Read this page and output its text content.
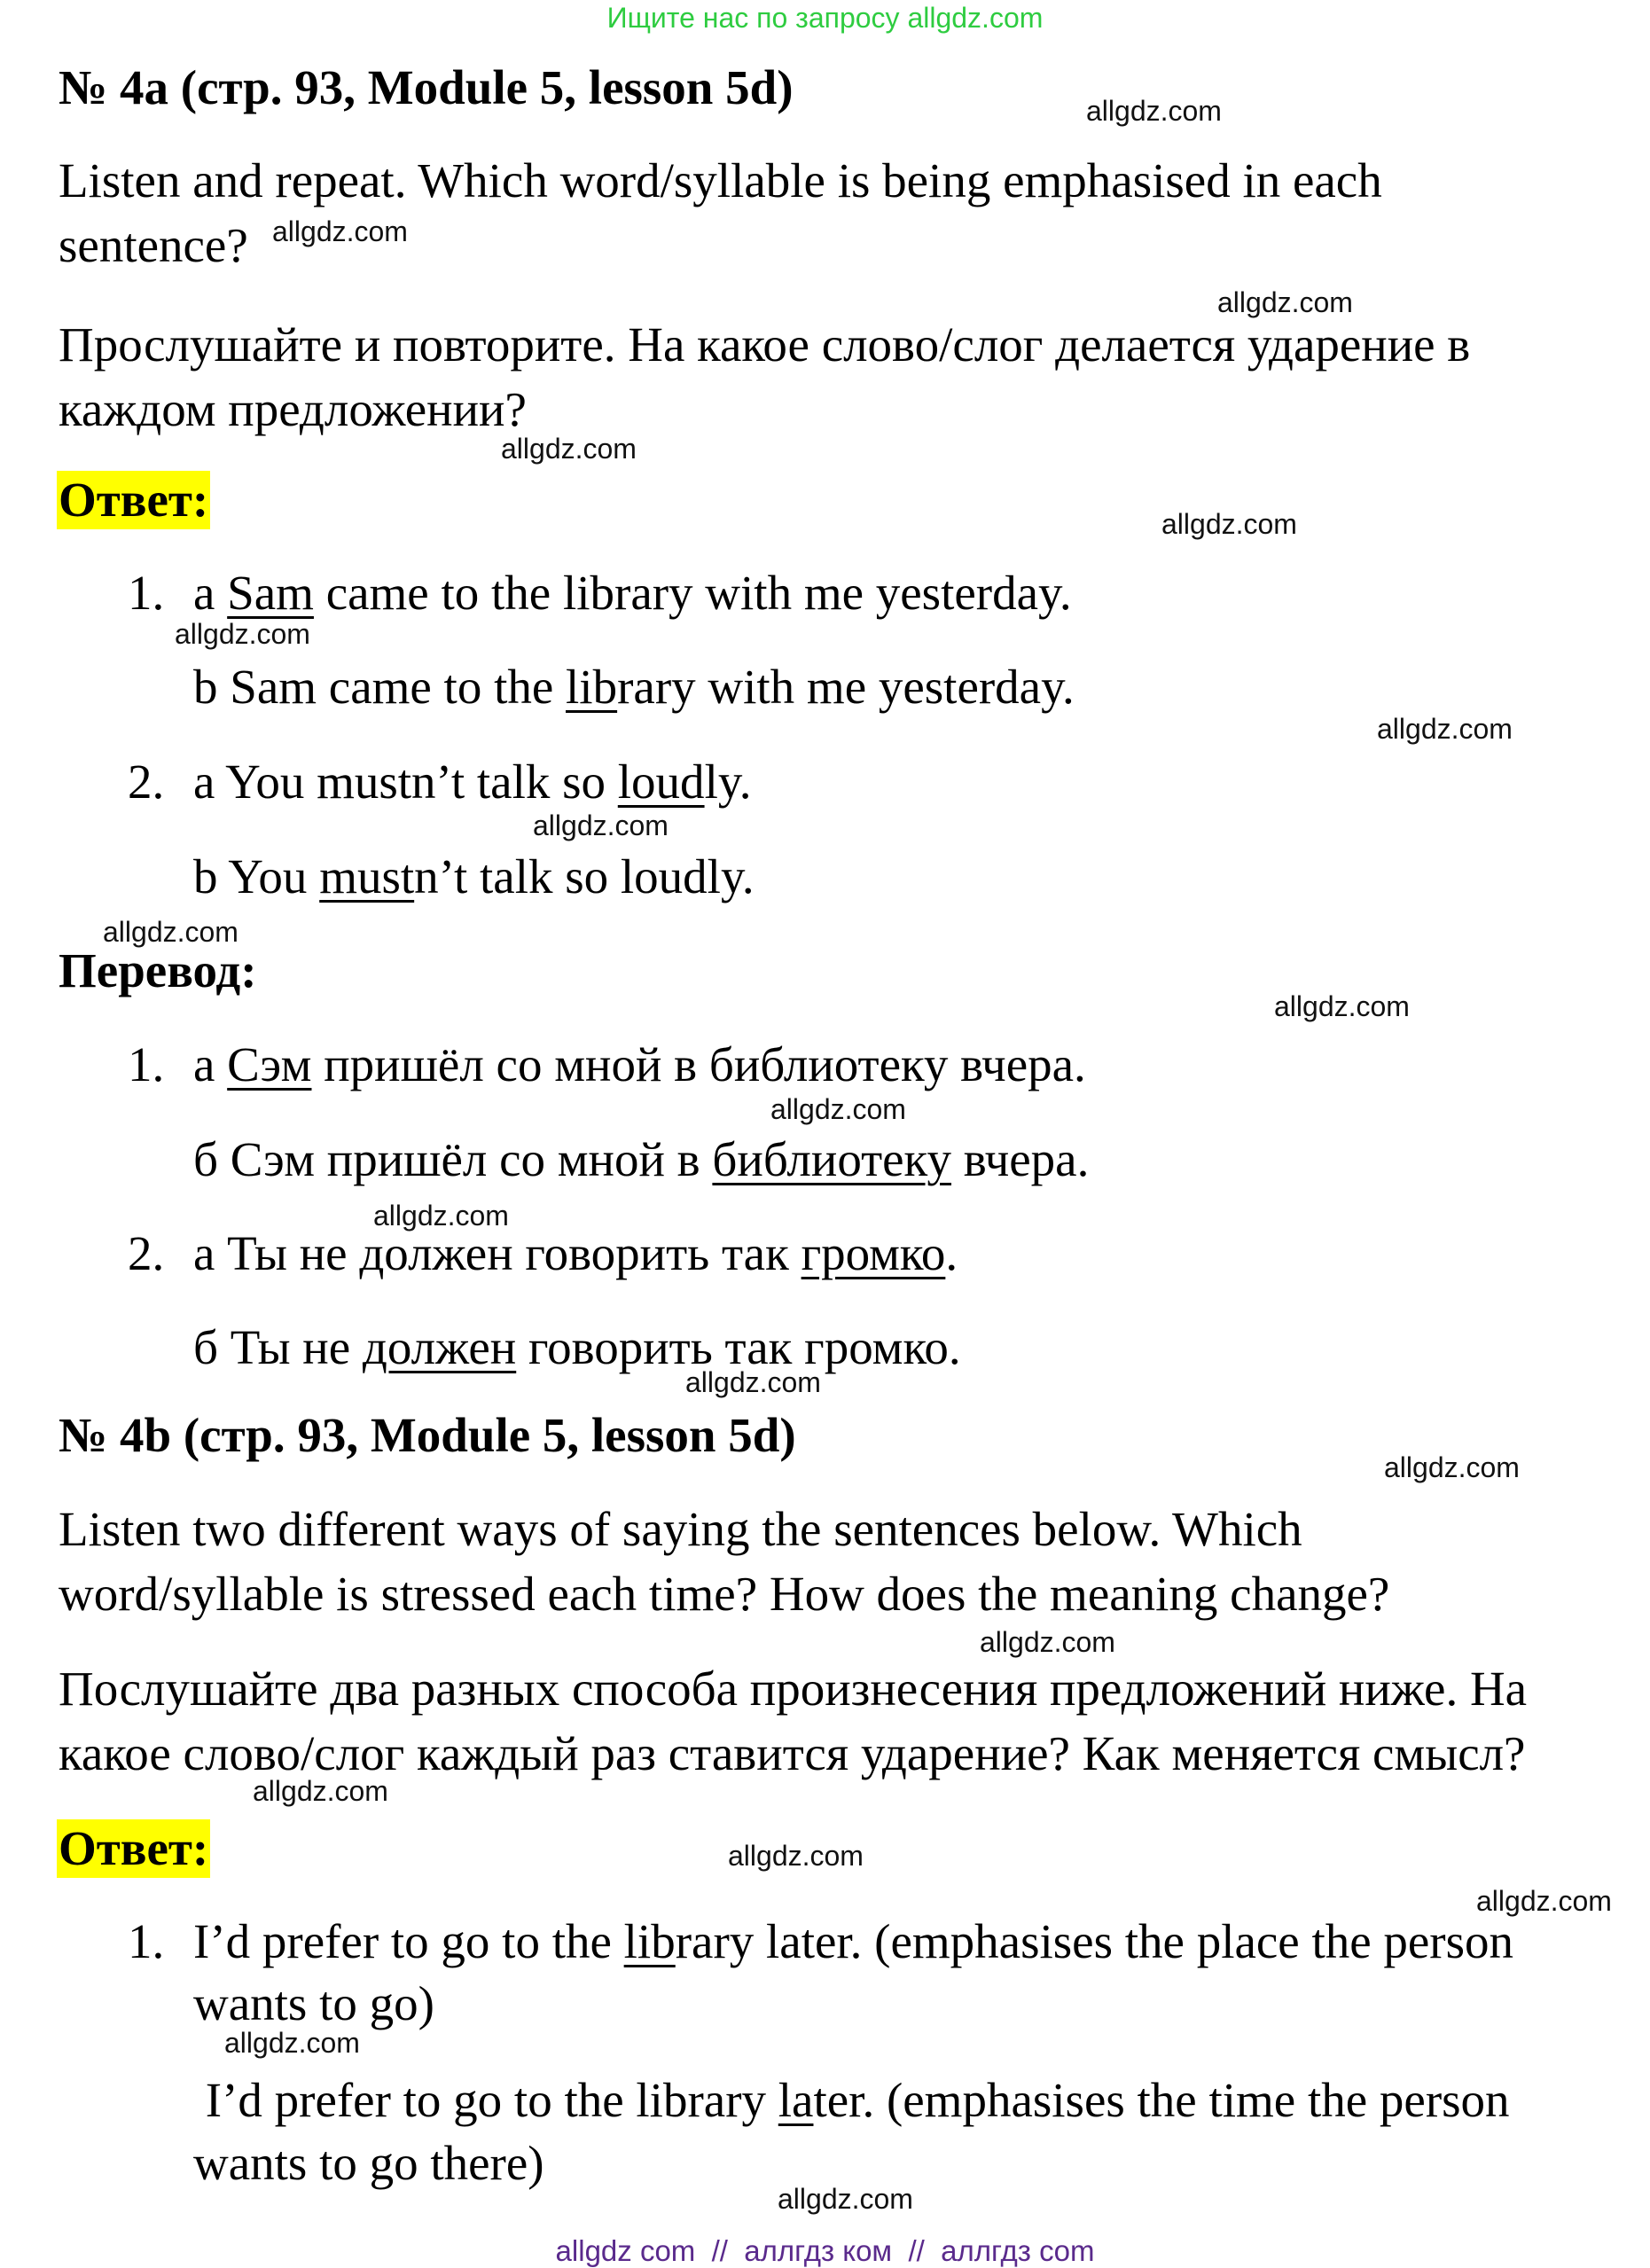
Ищите нас по запросу allgdz.com
№ 4а (стр. 93, Module 5, lesson 5d)
Listen and repeat. Which word/syllable is being emphasised in each
sentence?
Прослушайте и повторите. На какое слово/слог делается ударение в
каждом предложении?
Ответ:
1. a Sam came to the library with me yesterday.
b Sam came to the library with me yesterday.
2. a You mustn’t talk so loudly.
b You mustn’t talk so loudly.
Перевод:
1. а Сэм пришёл со мной в библиотеку вчера.
б Сэм пришёл со мной в библиотеку вчера.
2. а Ты не должен говорить так громко.
б Ты не должен говорить так громко.
№ 4b (стр. 93, Module 5, lesson 5d)
Listen two different ways of saying the sentences below. Which
word/syllable is stressed each time? How does the meaning change?
Послушайте два разных способа произнесения предложений ниже. На
какое слово/слог каждый раз ставится ударение? Как меняется смысл?
Ответ:
1. I’d prefer to go to the library later. (emphasises the place the person
wants to go)
I’d prefer to go to the library later. (emphasises the time the person
wants to go there)
allgdz.com
allgdz.com
allgdz.com
allgdz.com
allgdz.com
allgdz.com
allgdz.com
allgdz.com
allgdz.com
allgdz.com
allgdz.com
allgdz.com
allgdz.com
allgdz.com
allgdz.com
allgdz.com
allgdz.com
allgdz.com
allgdz.com
allgdz.com
allgdz com  //  аллгдз ком  //  аллгдз com
